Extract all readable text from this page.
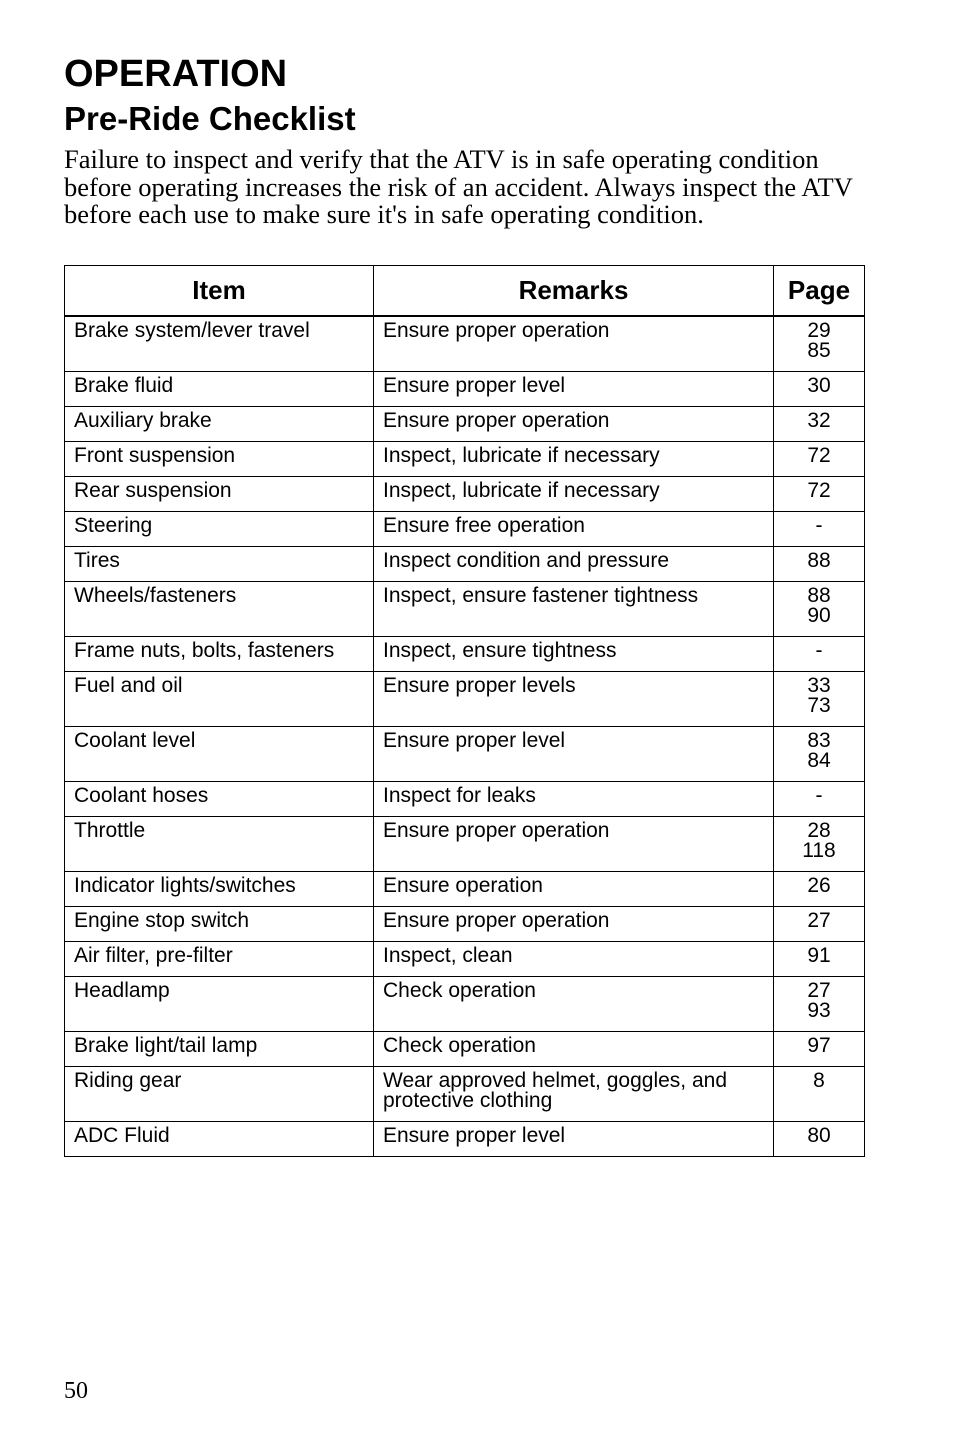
OPERATION
Pre-Ride Checklist

Failure to inspect and verify that the ATV is in safe operating condition before operating increases the risk of an accident. Always inspect the ATV before each use to make sure it's in safe operating condition.

Item	Remarks	Page
Brake system/lever travel	Ensure proper operation	29
85

Brake fluid	Ensure proper level	30

Auxiliary brake	Ensure proper operation	32

Front suspension	Inspect, lubricate if necessary	72

Rear suspension	Inspect, lubricate if necessary	72

Steering	Ensure free operation	-

Tires	Inspect condition and pressure	88

Wheels/fasteners	Inspect, ensure fastener tightness	88
90

Frame nuts, bolts, fasteners	Inspect, ensure tightness	-

Fuel and oil	Ensure proper levels	33
73

Coolant level	Ensure proper level	83
84

Coolant hoses	Inspect for leaks	-

Throttle	Ensure proper operation	28
118

Indicator lights/switches	Ensure operation	26

Engine stop switch	Ensure proper operation	27

Air filter, pre-filter	Inspect, clean	91

Headlamp	Check operation	27
93

Brake light/tail lamp	Check operation	97

Riding gear	Wear approved helmet, goggles, and protective clothing	8

ADC Fluid	Ensure proper level	80
50
